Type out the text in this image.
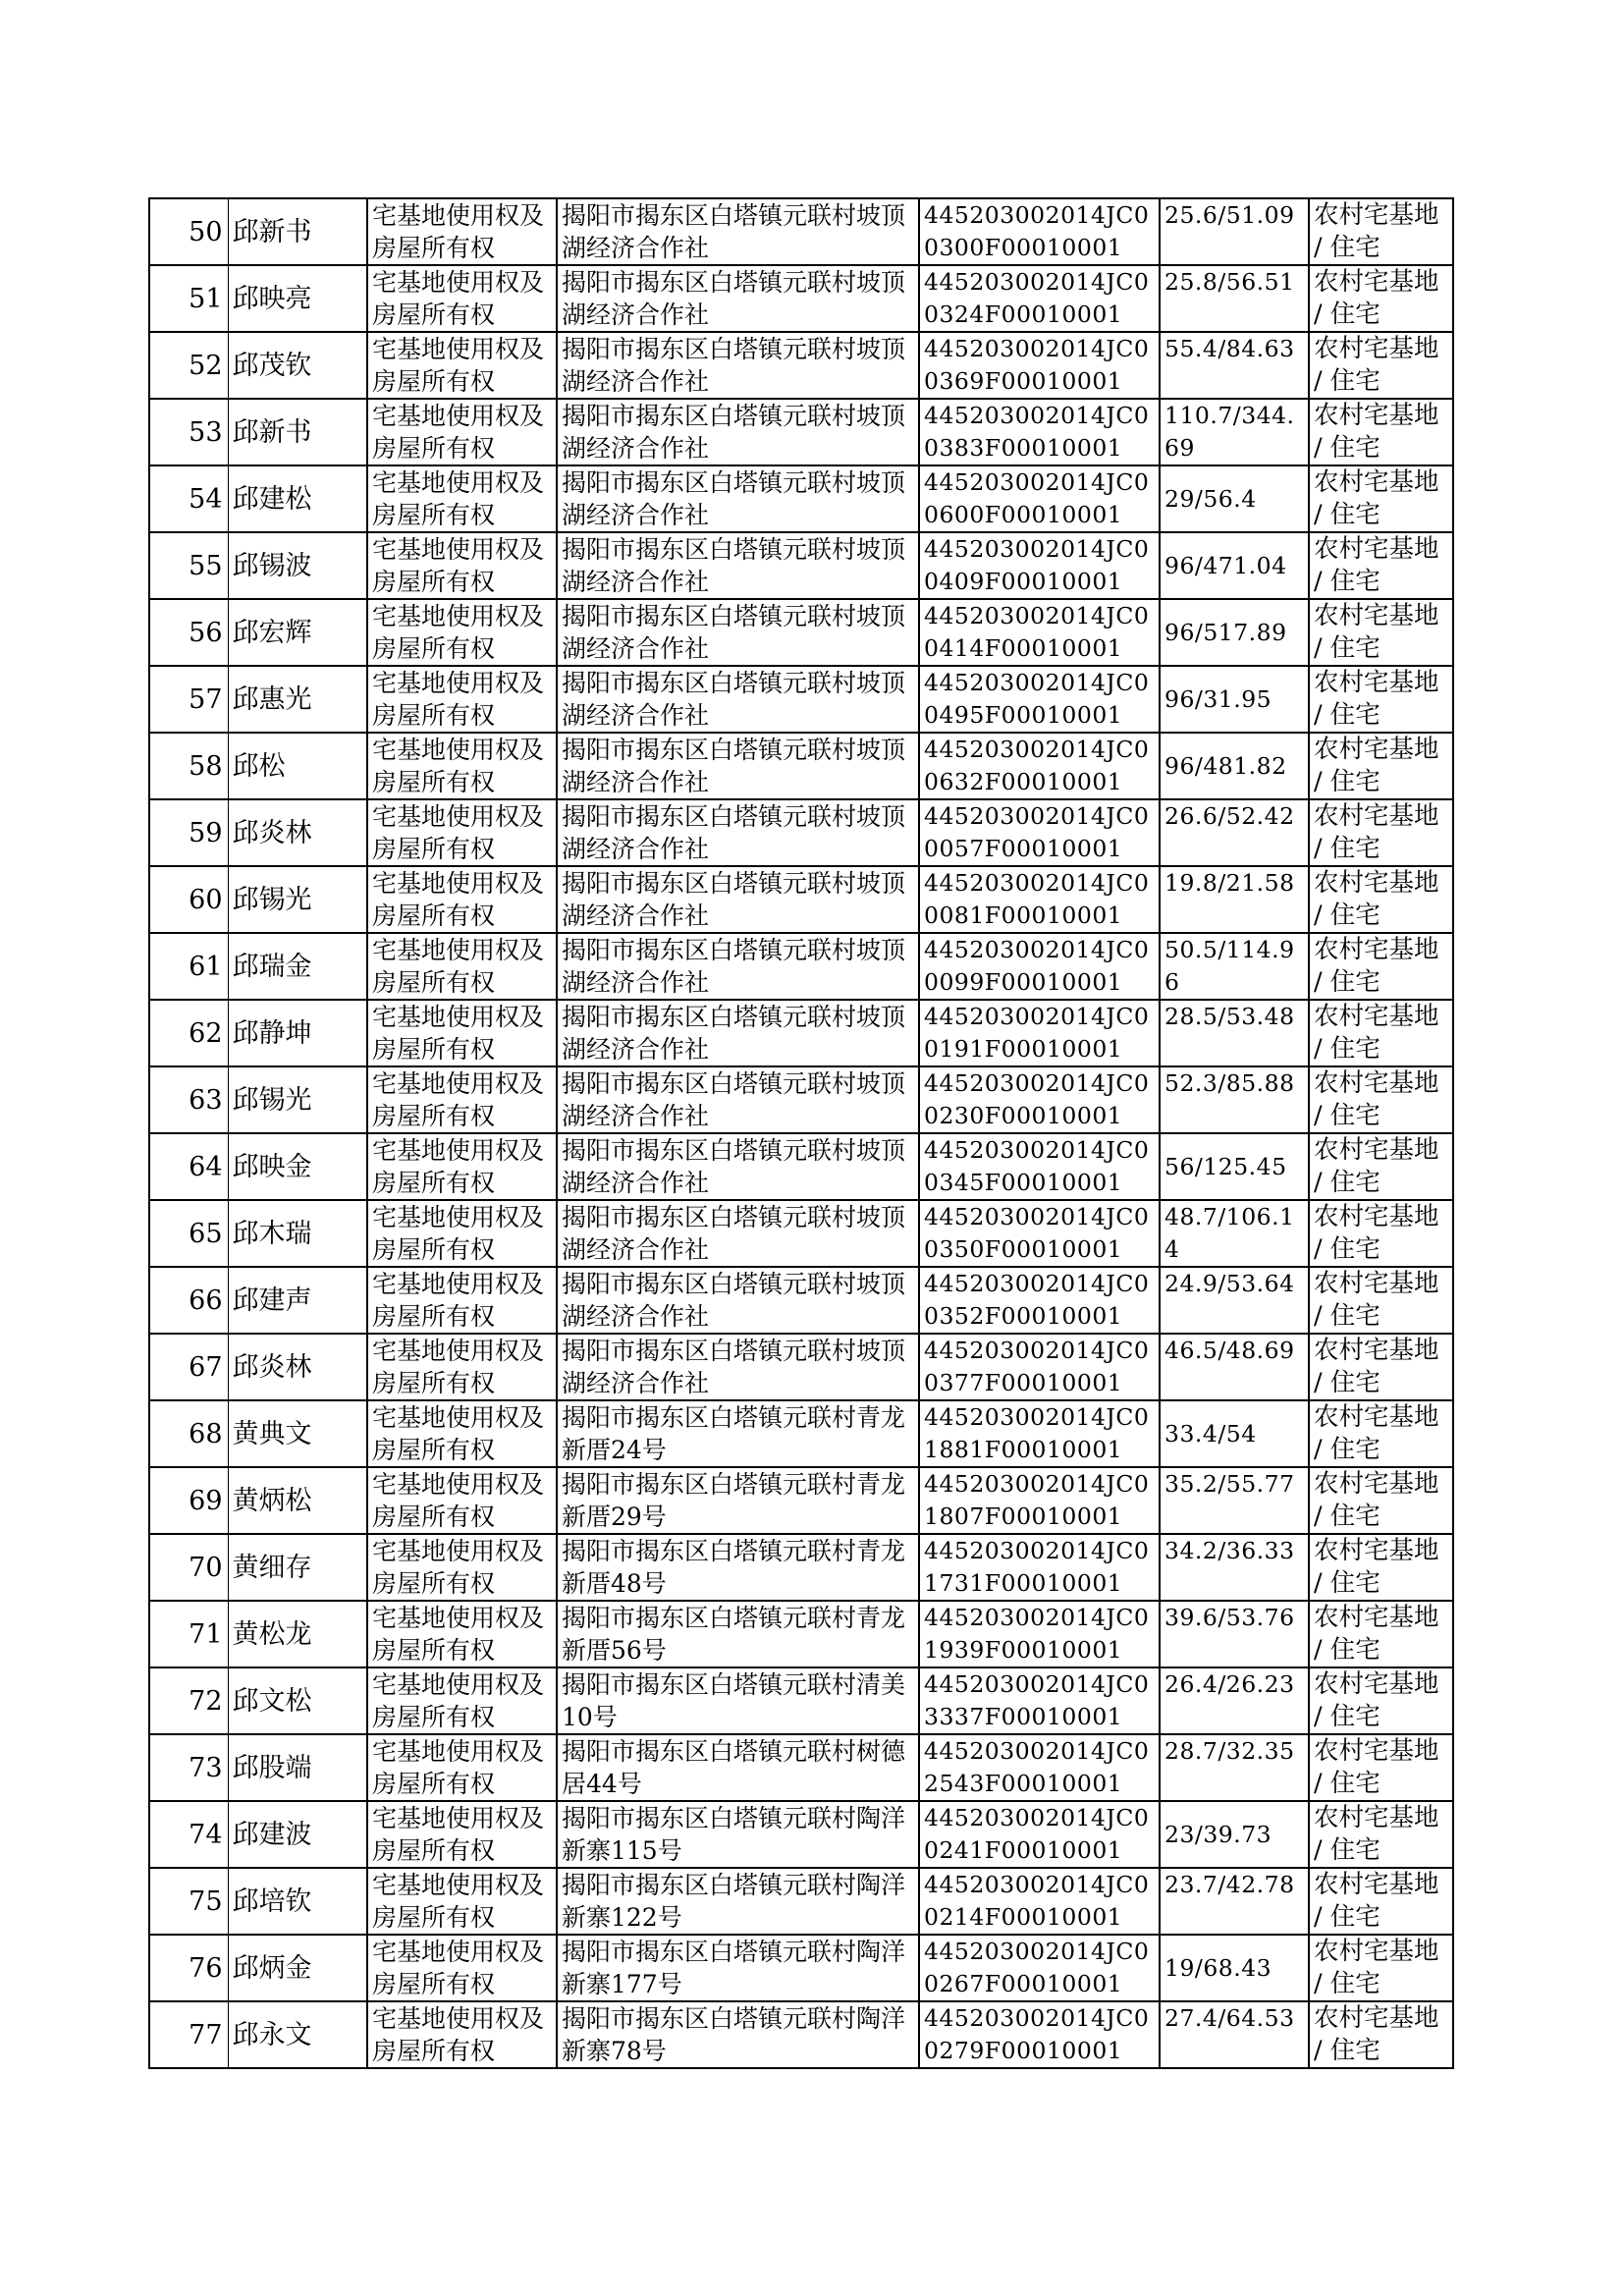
50	邱新书	宅基地使用权及房屋所有权	揭阳市揭东区白塔镇元联村坡顶湖经济合作社	445203002014JC00300F00010001	25.6/51.09	农村宅基地 / 住宅
51	邱映亮	宅基地使用权及房屋所有权	揭阳市揭东区白塔镇元联村坡顶湖经济合作社	445203002014JC00324F00010001	25.8/56.51	农村宅基地 / 住宅
52	邱茂钦	宅基地使用权及房屋所有权	揭阳市揭东区白塔镇元联村坡顶湖经济合作社	445203002014JC00369F00010001	55.4/84.63	农村宅基地 / 住宅
53	邱新书	宅基地使用权及房屋所有权	揭阳市揭东区白塔镇元联村坡顶湖经济合作社	445203002014JC00383F00010001	110.7/344.69	农村宅基地 / 住宅
54	邱建松	宅基地使用权及房屋所有权	揭阳市揭东区白塔镇元联村坡顶湖经济合作社	445203002014JC00600F00010001	29/56.4	农村宅基地 / 住宅
55	邱锡波	宅基地使用权及房屋所有权	揭阳市揭东区白塔镇元联村坡顶湖经济合作社	445203002014JC00409F00010001	96/471.04	农村宅基地 / 住宅
56	邱宏辉	宅基地使用权及房屋所有权	揭阳市揭东区白塔镇元联村坡顶湖经济合作社	445203002014JC00414F00010001	96/517.89	农村宅基地 / 住宅
57	邱惠光	宅基地使用权及房屋所有权	揭阳市揭东区白塔镇元联村坡顶湖经济合作社	445203002014JC00495F00010001	96/31.95	农村宅基地 / 住宅
58	邱松	宅基地使用权及房屋所有权	揭阳市揭东区白塔镇元联村坡顶湖经济合作社	445203002014JC00632F00010001	96/481.82	农村宅基地 / 住宅
59	邱炎林	宅基地使用权及房屋所有权	揭阳市揭东区白塔镇元联村坡顶湖经济合作社	445203002014JC00057F00010001	26.6/52.42	农村宅基地 / 住宅
60	邱锡光	宅基地使用权及房屋所有权	揭阳市揭东区白塔镇元联村坡顶湖经济合作社	445203002014JC00081F00010001	19.8/21.58	农村宅基地 / 住宅
61	邱瑞金	宅基地使用权及房屋所有权	揭阳市揭东区白塔镇元联村坡顶湖经济合作社	445203002014JC00099F00010001	50.5/114.96	农村宅基地 / 住宅
62	邱静坤	宅基地使用权及房屋所有权	揭阳市揭东区白塔镇元联村坡顶湖经济合作社	445203002014JC00191F00010001	28.5/53.48	农村宅基地 / 住宅
63	邱锡光	宅基地使用权及房屋所有权	揭阳市揭东区白塔镇元联村坡顶湖经济合作社	445203002014JC00230F00010001	52.3/85.88	农村宅基地 / 住宅
64	邱映金	宅基地使用权及房屋所有权	揭阳市揭东区白塔镇元联村坡顶湖经济合作社	445203002014JC00345F00010001	56/125.45	农村宅基地 / 住宅
65	邱木瑞	宅基地使用权及房屋所有权	揭阳市揭东区白塔镇元联村坡顶湖经济合作社	445203002014JC00350F00010001	48.7/106.14	农村宅基地 / 住宅
66	邱建声	宅基地使用权及房屋所有权	揭阳市揭东区白塔镇元联村坡顶湖经济合作社	445203002014JC00352F00010001	24.9/53.64	农村宅基地 / 住宅
67	邱炎林	宅基地使用权及房屋所有权	揭阳市揭东区白塔镇元联村坡顶湖经济合作社	445203002014JC00377F00010001	46.5/48.69	农村宅基地 / 住宅
68	黄典文	宅基地使用权及房屋所有权	揭阳市揭东区白塔镇元联村青龙新厝24号	445203002014JC01881F00010001	33.4/54	农村宅基地 / 住宅
69	黄炳松	宅基地使用权及房屋所有权	揭阳市揭东区白塔镇元联村青龙新厝29号	445203002014JC01807F00010001	35.2/55.77	农村宅基地 / 住宅
70	黄细存	宅基地使用权及房屋所有权	揭阳市揭东区白塔镇元联村青龙新厝48号	445203002014JC01731F00010001	34.2/36.33	农村宅基地 / 住宅
71	黄松龙	宅基地使用权及房屋所有权	揭阳市揭东区白塔镇元联村青龙新厝56号	445203002014JC01939F00010001	39.6/53.76	农村宅基地 / 住宅
72	邱文松	宅基地使用权及房屋所有权	揭阳市揭东区白塔镇元联村清美10号	445203002014JC03337F00010001	26.4/26.23	农村宅基地 / 住宅
73	邱股端	宅基地使用权及房屋所有权	揭阳市揭东区白塔镇元联村树德居44号	445203002014JC02543F00010001	28.7/32.35	农村宅基地 / 住宅
74	邱建波	宅基地使用权及房屋所有权	揭阳市揭东区白塔镇元联村陶洋新寨115号	445203002014JC00241F00010001	23/39.73	农村宅基地 / 住宅
75	邱培钦	宅基地使用权及房屋所有权	揭阳市揭东区白塔镇元联村陶洋新寨122号	445203002014JC00214F00010001	23.7/42.78	农村宅基地 / 住宅
76	邱炳金	宅基地使用权及房屋所有权	揭阳市揭东区白塔镇元联村陶洋新寨177号	445203002014JC00267F00010001	19/68.43	农村宅基地 / 住宅
77	邱永文	宅基地使用权及房屋所有权	揭阳市揭东区白塔镇元联村陶洋新寨78号	445203002014JC00279F00010001	27.4/64.53	农村宅基地 / 住宅
